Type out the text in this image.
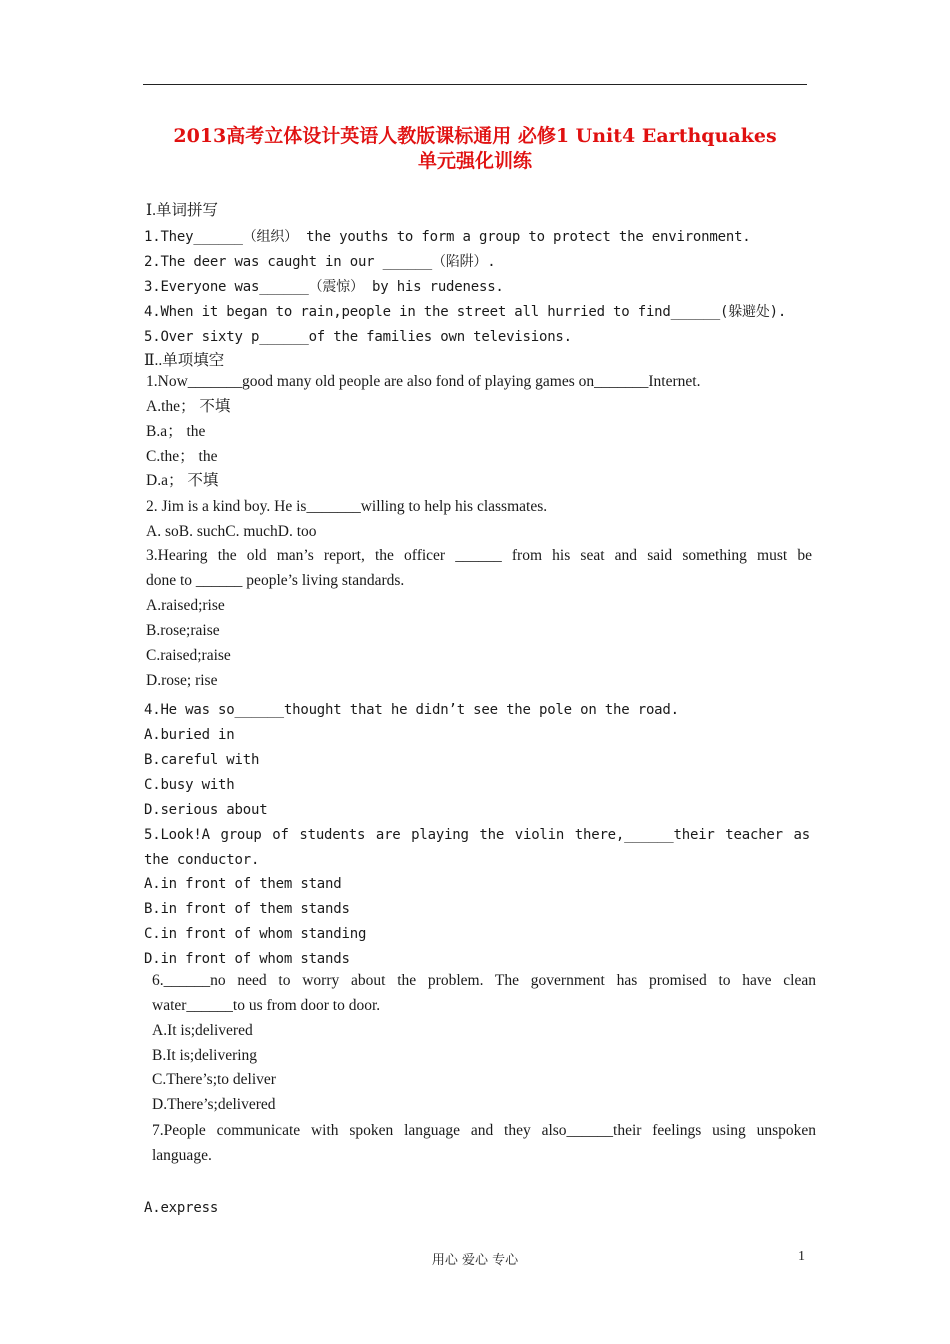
2013高考立体设计英语人教版课标通用 必修1 Unit4 Earthquakes
单元强化训练
Ⅰ.单词拼写
1.They______（组织） the youths to form a group to protect the environment.
2.The deer was caught in our ______（陷阱）.
3.Everyone was______（震惊） by his rudeness.
4.When it began to rain,people in the street all hurried to find______(躲避处).
5.Over sixty p______of the families own televisions.
Ⅱ..单项填空
1.Now_______good many old people are also fond of playing games on_______Internet.
A.the； 不填
B.a； the
C.the； the
D.a； 不填
2. Jim is a kind boy. He is_______willing to help his classmates.
A. soB. suchC. muchD. too
3.Hearing the old man’s report, the officer ______ from his seat and said something must be
done to ______ people’s living standards.
A.raised;rise
B.rose;raise
C.raised;raise
D.rose; rise
4.He was so______thought that he didn’t see the pole on the road.
A.buried in
B.careful with
C.busy with
D.serious about
5.Look!A group of students are playing the violin there,______their teacher as
the conductor.
A.in front of them stand
B.in front of them stands
C.in front of whom standing
D.in front of whom stands
6.______no need to worry about the problem. The government has promised to have clean
water______to us from door to door.
A.It is;delivered
B.It is;delivering
C.There’s;to deliver
D.There’s;delivered
7.People communicate with spoken language and they also______their feelings using unspoken
language.
A.express
用心 爱心 专心	1
